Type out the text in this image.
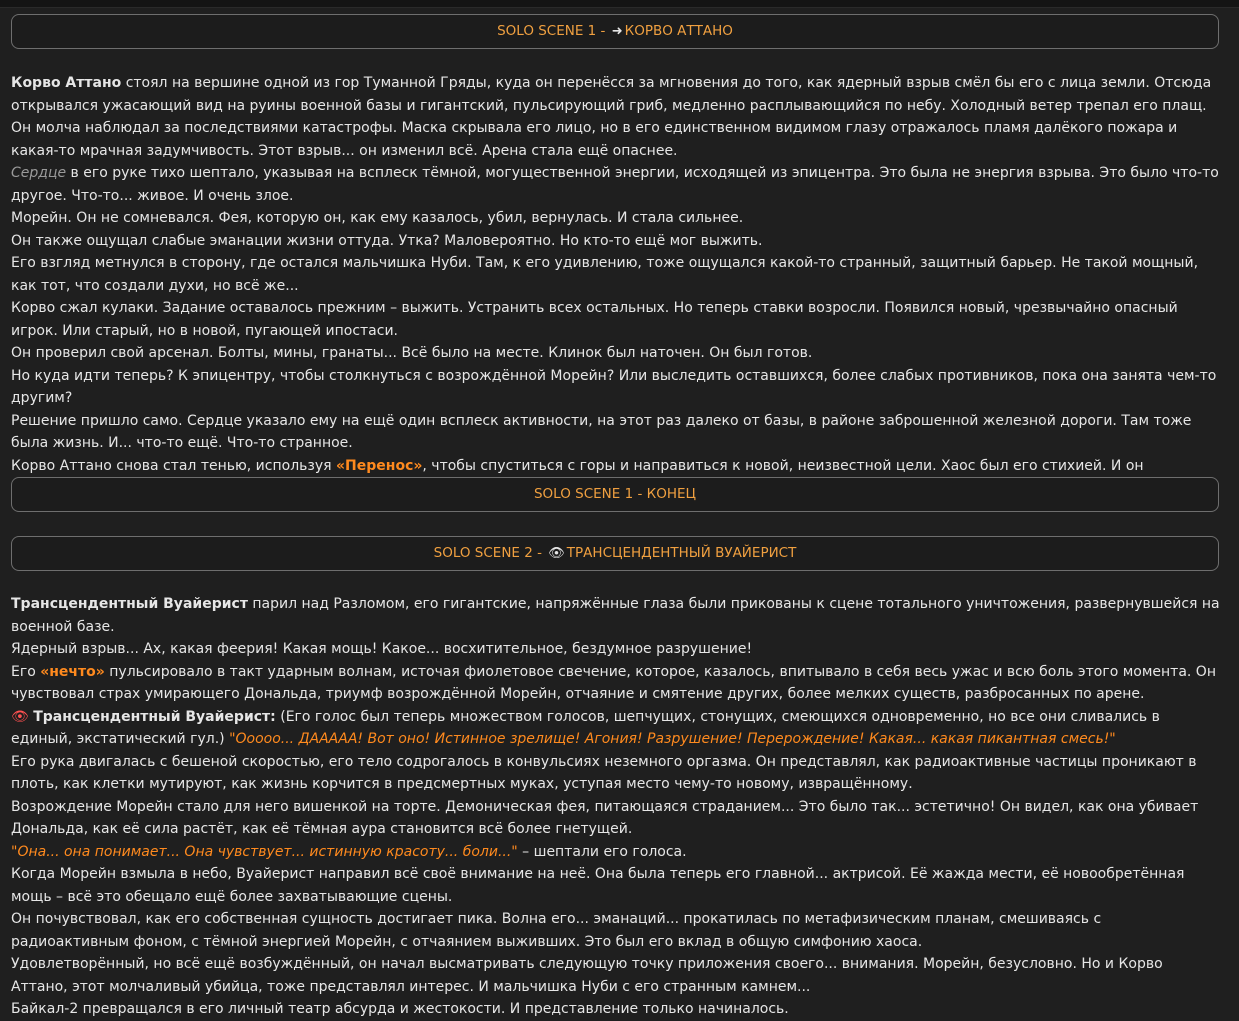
SOLO SCENE 1 - ➜ КОРВО АТТАНО

Корво Аттано стоял на вершине одной из гор Туманной Гряды, куда он перенёсся за мгновения до того, как ядерный взрыв смёл бы его с лица земли. Отсюда открывался ужасающий вид на руины военной базы и гигантский, пульсирующий гриб, медленно расплывающийся по небу. Холодный ветер трепал его плащ.

Он молча наблюдал за последствиями катастрофы. Маска скрывала его лицо, но в его единственном видимом глазу отражалось пламя далёкого пожара и какая-то мрачная задумчивость. Этот взрыв... он изменил всё. Арена стала ещё опаснее.

Сердце в его руке тихо шептало, указывая на всплеск тёмной, могущественной энергии, исходящей из эпицентра. Это была не энергия взрыва. Это было что-то другое. Что-то... живое. И очень злое.

Морейн. Он не сомневался. Фея, которую он, как ему казалось, убил, вернулась. И стала сильнее.

Он также ощущал слабые эманации жизни оттуда. Утка? Маловероятно. Но кто-то ещё мог выжить.

Его взгляд метнулся в сторону, где остался мальчишка Нуби. Там, к его удивлению, тоже ощущался какой-то странный, защитный барьер. Не такой мощный, как тот, что создали духи, но всё же...

Корво сжал кулаки. Задание оставалось прежним – выжить. Устранить всех остальных. Но теперь ставки возросли. Появился новый, чрезвычайно опасный игрок. Или старый, но в новой, пугающей ипостаси.

Он проверил свой арсенал. Болты, мины, гранаты... Всё было на месте. Клинок был наточен. Он был готов.

Но куда идти теперь? К эпицентру, чтобы столкнуться с возрождённой Морейн? Или выследить оставшихся, более слабых противников, пока она занята чем-то другим?

Решение пришло само. Сердце указало ему на ещё один всплеск активности, на этот раз далеко от базы, в районе заброшенной железной дороги. Там тоже была жизнь. И... что-то ещё. Что-то странное.

Корво Аттано снова стал тенью, используя «Перенос», чтобы спуститься с горы и направиться к новой, неизвестной цели. Хаос был его стихией. И он

SOLO SCENE 1 - КОНЕЦ
SOLO SCENE 2 - 👁 ТРАНСЦЕНДЕНТНЫЙ ВУАЙЕРИСТ

Трансцендентный Вуайерист парил над Разломом, его гигантские, напряжённые глаза были прикованы к сцене тотального уничтожения, развернувшейся на военной базе.

Ядерный взрыв... Ах, какая феерия! Какая мощь! Какое... восхитительное, бездумное разрушение!

Его «нечто» пульсировало в такт ударным волнам, источая фиолетовое свечение, которое, казалось, впитывало в себя весь ужас и всю боль этого момента. Он чувствовал страх умирающего Дональда, триумф возрождённой Морейн, отчаяние и смятение других, более мелких существ, разбросанных по арене.

👁 Трансцендентный Вуайерист: (Его голос был теперь множеством голосов, шепчущих, стонущих, смеющихся одновременно, но все они сливались в единый, экстатический гул.) "Ооооо... ДААААА! Вот оно! Истинное зрелище! Агония! Разрушение! Перерождение! Какая... какая пикантная смесь!"

Его рука двигалась с бешеной скоростью, его тело содрогалось в конвульсиях неземного оргазма. Он представлял, как радиоактивные частицы проникают в плоть, как клетки мутируют, как жизнь корчится в предсмертных муках, уступая место чему-то новому, извращённому.

Возрождение Морейн стало для него вишенкой на торте. Демоническая фея, питающаяся страданием... Это было так... эстетично! Он видел, как она убивает Дональда, как её сила растёт, как её тёмная аура становится всё более гнетущей.

"Она... она понимает... Она чувствует... истинную красоту... боли..." – шептали его голоса.

Когда Морейн взмыла в небо, Вуайерист направил всё своё внимание на неё. Она была теперь его главной... актрисой. Её жажда мести, её новообретённая мощь – всё это обещало ещё более захватывающие сцены.

Он почувствовал, как его собственная сущность достигает пика. Волна его... эманаций... прокатилась по метафизическим планам, смешиваясь с радиоактивным фоном, с тёмной энергией Морейн, с отчаянием выживших. Это был его вклад в общую симфонию хаоса.

Удовлетворённый, но всё ещё возбуждённый, он начал высматривать следующую точку приложения своего... внимания. Морейн, безусловно. Но и Корво Аттано, этот молчаливый убийца, тоже представлял интерес. И мальчишка Нуби с его странным камнем...

Байкал-2 превращался в его личный театр абсурда и жестокости. И представление только начиналось.
